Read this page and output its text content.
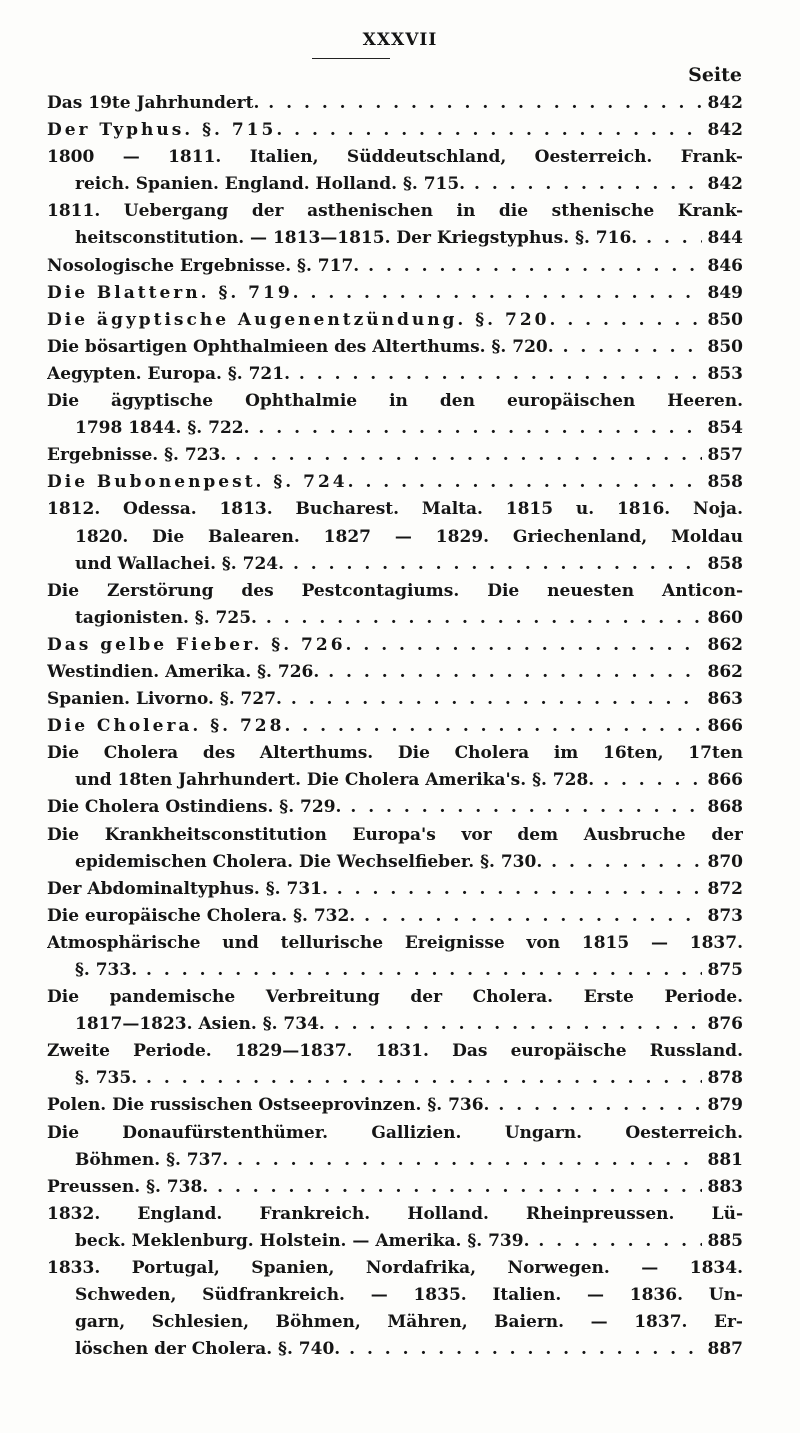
XXXVII
Seite
Das 19te Jahrhundert. . . .	842
Der Typhus. §. 715. . . .	842
1800 — 1811. Italien, Süddeutschland, Oesterreich. Frank-
reich. Spanien. England. Holland. §. 715. . . .	842
1811. Uebergang der asthenischen in die sthenische Krank-
heitsconstitution. — 1813—1815. Der Kriegstyphus. §. 716. . . .	844
Nosologische Ergebnisse. §. 717. . . .	846
Die Blattern. §. 719. . . .	849
Die ägyptische Augenentzündung. §. 720. . . .	850
Die bösartigen Ophthalmieen des Alterthums. §. 720. . . .	850
Aegypten. Europa. §. 721. . . .	853
Die ägyptische Ophthalmie in den europäischen Heeren.
1798 1844. §. 722. . . .	854
Ergebnisse. §. 723. . . .	857
Die Bubonenpest. §. 724. . . .	858
1812. Odessa. 1813. Bucharest. Malta. 1815 u. 1816. Noja.
1820. Die Balearen. 1827 — 1829. Griechenland, Moldau
und Wallachei. §. 724. . . .	858
Die Zerstörung des Pestcontagiums. Die neuesten Anticon-
tagionisten. §. 725. . . .	860
Das gelbe Fieber. §. 726. . . .	862
Westindien. Amerika. §. 726. . . .	862
Spanien. Livorno. §. 727. . . .	863
Die Cholera. §. 728. . . .	866
Die Cholera des Alterthums. Die Cholera im 16ten, 17ten
und 18ten Jahrhundert. Die Cholera Amerika's. §. 728. . . .	866
Die Cholera Ostindiens. §. 729. . . .	868
Die Krankheitsconstitution Europa's vor dem Ausbruche der
epidemischen Cholera. Die Wechselfieber. §. 730. . . .	870
Der Abdominaltyphus. §. 731. . . .	872
Die europäische Cholera. §. 732. . . .	873
Atmosphärische und tellurische Ereignisse von 1815 — 1837.
§. 733. . . .	875
Die pandemische Verbreitung der Cholera. Erste Periode.
1817—1823. Asien. §. 734. . . .	876
Zweite Periode. 1829—1837. 1831. Das europäische Russland.
§. 735. . . .	878
Polen. Die russischen Ostseeprovinzen. §. 736. . . .	879
Die Donaufürstenthümer. Gallizien. Ungarn. Oesterreich.
Böhmen. §. 737. . . .	881
Preussen. §. 738. . . .	883
1832. England. Frankreich. Holland. Rheinpreussen. Lü-
beck. Meklenburg. Holstein. — Amerika. §. 739. . . .	885
1833. Portugal, Spanien, Nordafrika, Norwegen. — 1834.
Schweden, Südfrankreich. — 1835. Italien. — 1836. Un-
garn, Schlesien, Böhmen, Mähren, Baiern. — 1837. Er-
löschen der Cholera. §. 740. . . .	887
